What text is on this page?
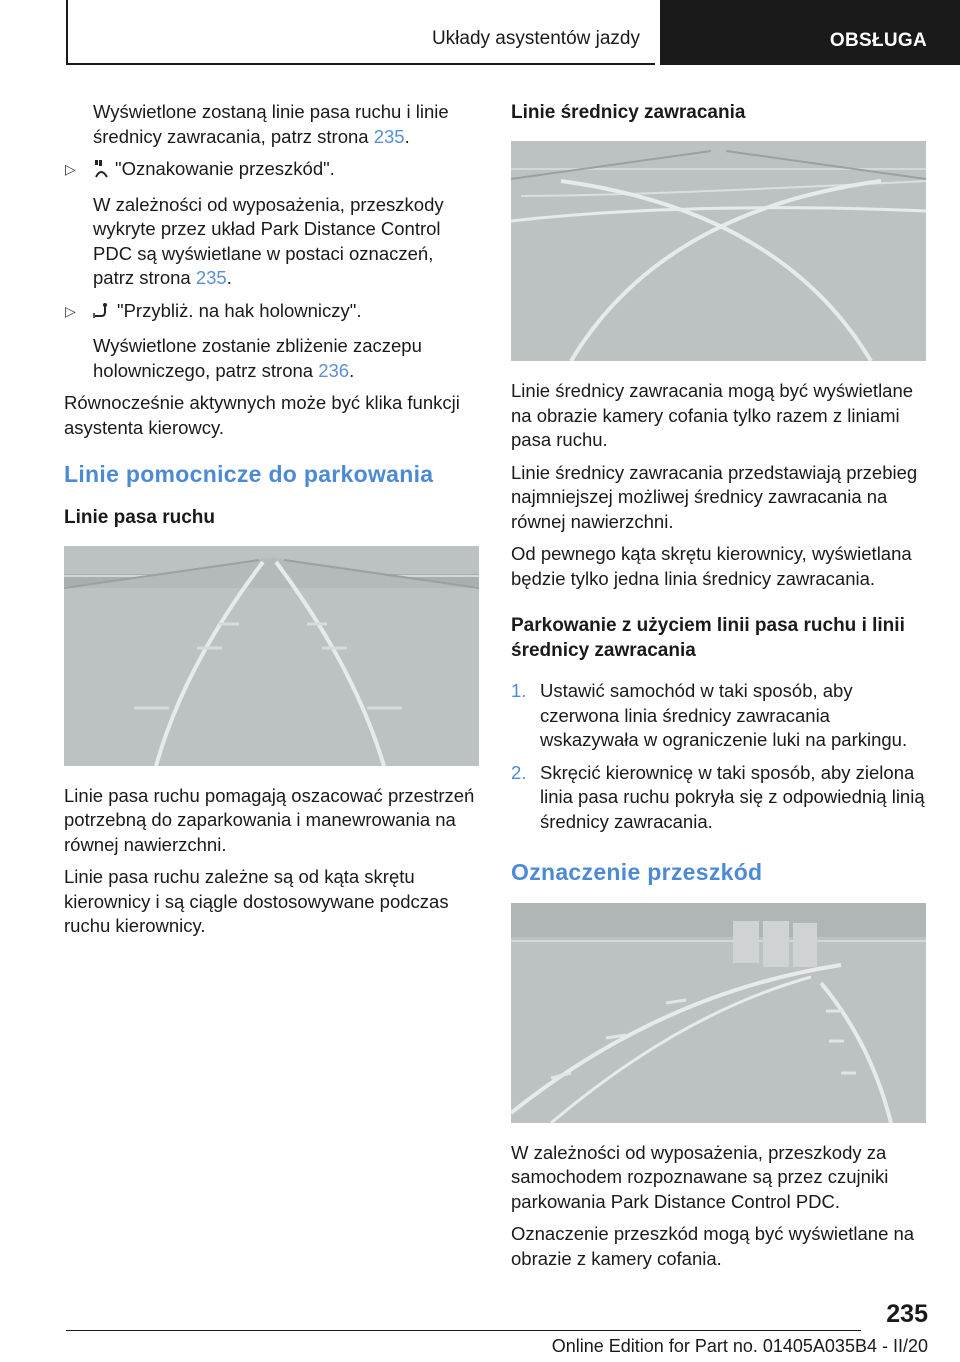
Układy asystentów jazdy	OBSŁUGA

Wyświetlone zostaną linie pasa ruchu i linie średnicy zawracania, patrz strona 235.

▷ "Oznakowanie przeszkód".

W zależności od wyposażenia, przeszkody wykryte przez układ Park Distance Control PDC są wyświetlane w postaci oznaczeń, patrz strona 235.

▷ "Przybliż. na hak holowniczy".

Wyświetlone zostanie zbliżenie zaczepu holowniczego, patrz strona 236.

Równocześnie aktywnych może być klika funkcji asystenta kierowcy.

Linie pomocnicze do parkowania
Linie pasa ruchu

Linie pasa ruchu pomagają oszacować przestrzeń potrzebną do zaparkowania i manewrowania na równej nawierzchni.

Linie pasa ruchu zależne są od kąta skrętu kierownicy i są ciągle dostosowywane podczas ruchu kierownicy.

Linie średnicy zawracania

Linie średnicy zawracania mogą być wyświetlane na obrazie kamery cofania tylko razem z liniami pasa ruchu.

Linie średnicy zawracania przedstawiają przebieg najmniejszej możliwej średnicy zawracania na równej nawierzchni.

Od pewnego kąta skrętu kierownicy, wyświetlana będzie tylko jedna linia średnicy zawracania.

Parkowanie z użyciem linii pasa ruchu i linii średnicy zawracania
1. Ustawić samochód w taki sposób, aby czerwona linia średnicy zawracania wskazywała w ograniczenie luki na parkingu.
2. Skręcić kierownicę w taki sposób, aby zielona linia pasa ruchu pokryła się z odpowiednią linią średnicy zawracania.
Oznaczenie przeszkód

W zależności od wyposażenia, przeszkody za samochodem rozpoznawane są przez czujniki parkowania Park Distance Control PDC.

Oznaczenie przeszkód mogą być wyświetlane na obrazie z kamery cofania.

235
Online Edition for Part no. 01405A035B4 - II/20
